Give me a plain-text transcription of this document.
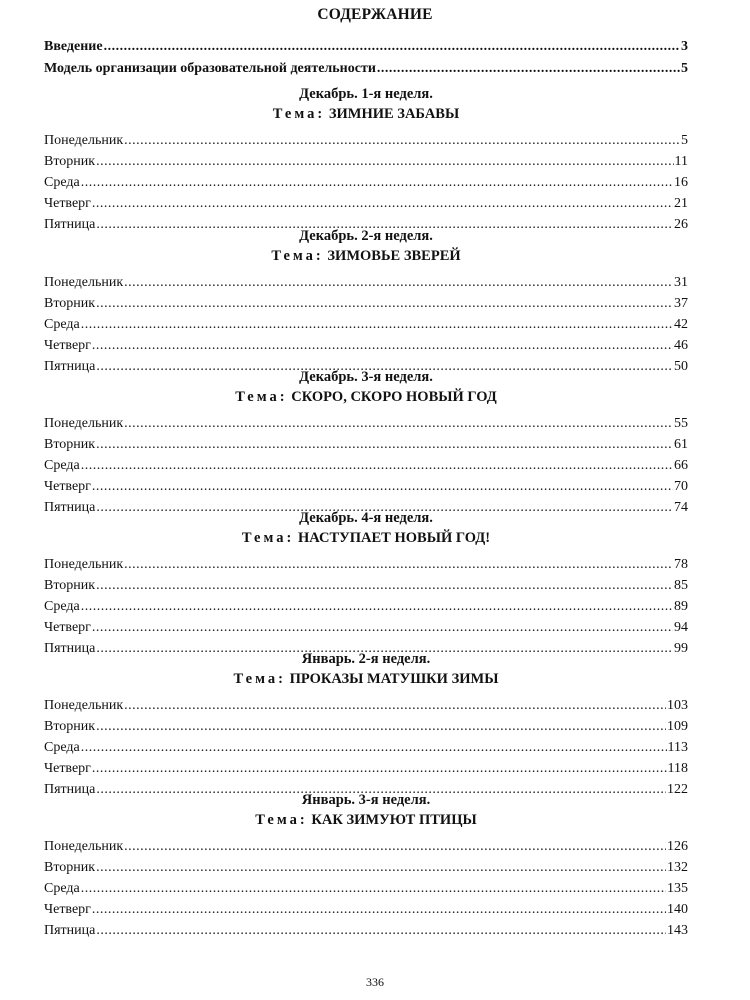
СОДЕРЖАНИЕ
Введение .....	3
Модель организации образовательной деятельности .....	5
Декабрь. 1-я неделя.
Тема: ЗИМНИЕ ЗАБАВЫ
Понедельник .....	5
Вторник .....	11
Среда .....	16
Четверг .....	21
Пятница .....	26
Декабрь. 2-я неделя.
Тема: ЗИМОВЬЕ ЗВЕРЕЙ
Понедельник .....	31
Вторник .....	37
Среда .....	42
Четверг .....	46
Пятница .....	50
Декабрь. 3-я неделя.
Тема: СКОРО, СКОРО НОВЫЙ ГОД
Понедельник .....	55
Вторник .....	61
Среда .....	66
Четверг .....	70
Пятница .....	74
Декабрь. 4-я неделя.
Тема: НАСТУПАЕТ НОВЫЙ ГОД!
Понедельник .....	78
Вторник .....	85
Среда .....	89
Четверг .....	94
Пятница .....	99
Январь. 2-я неделя.
Тема: ПРОКАЗЫ МАТУШКИ ЗИМЫ
Понедельник .....	103
Вторник .....	109
Среда .....	113
Четверг .....	118
Пятница .....	122
Январь. 3-я неделя.
Тема: КАК ЗИМУЮТ ПТИЦЫ
Понедельник .....	126
Вторник .....	132
Среда .....	135
Четверг .....	140
Пятница .....	143
336
